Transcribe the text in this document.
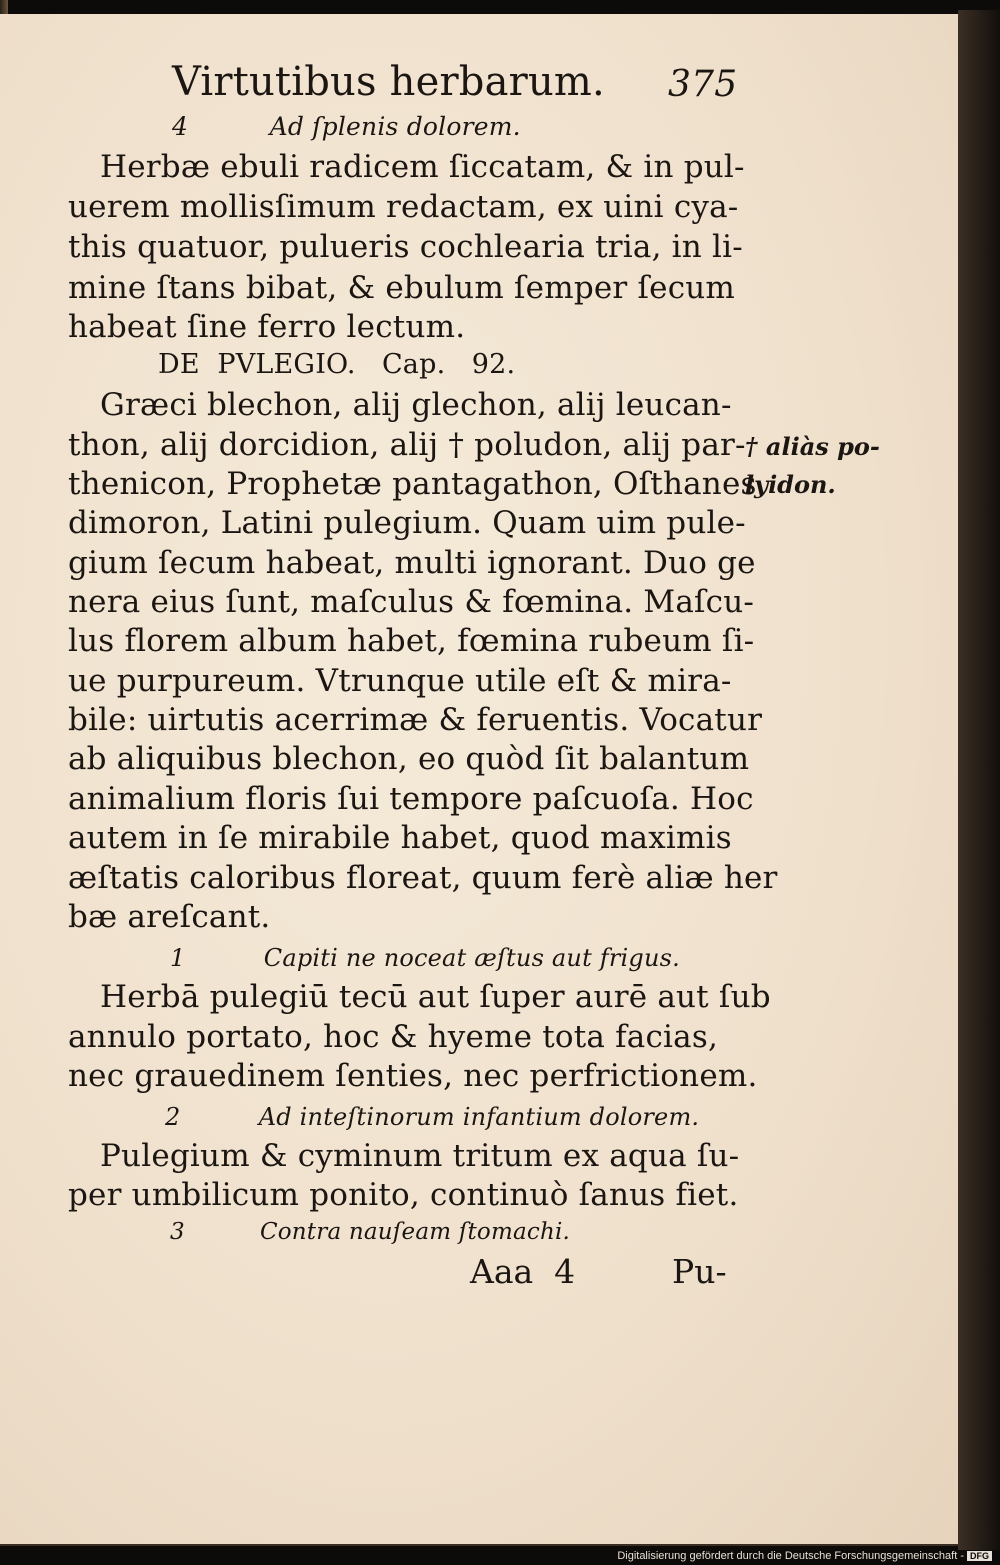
Virtutibus herbarum. 375
4          Ad ſplenis dolorem.
Herbæ ebuli radicem ſiccatam, & in pul-
uerem mollisſimum redactam, ex uini cya-
this quatuor, pulueris cochlearia tria, in li-
mine ſtans bibat, & ebulum ſemper ſecum
habeat ſine ferro lectum.
DE  PVLEGIO.   Cap.   92.
Græci blechon, alij glechon, alij leucan-
thon, alij dorcidion, alij † poludon, alij par-
thenicon, Prophetæ pantagathon, Oſthanes
dimoron, Latini pulegium. Quam uim pule-
gium ſecum habeat, multi ignorant. Duo ge
nera eius ſunt, maſculus & fœmina. Maſcu-
lus florem album habet, fœmina rubeum ſi-
ue purpureum. Vtrunque utile eſt & mira-
bile: uirtutis acerrimæ & feruentis. Vocatur
ab aliquibus blechon, eo quòd ſit balantum
animalium floris ſui tempore paſcuoſa. Hoc
autem in ſe mirabile habet, quod maximis
æſtatis caloribus floreat, quum ferè aliæ her
bæ areſcant.
1          Capiti ne noceat æſtus aut frigus.
Herbā pulegiū tecū aut ſuper aurē aut ſub
annulo portato, hoc & hyeme tota facias,
nec grauedinem ſenties, nec perfrictionem.
2          Ad inteſtinorum infantium dolorem.
Pulegium & cyminum tritum ex aqua ſu-
per umbilicum ponito, continuò ſanus fiet.
3          Contra nauſeam ſtomachi.
† aliàs po-
lyidon.
Aaa  4	Pu-
Digitalisierung gefördert durch die Deutsche Forschungsgemeinschaft - DFG
